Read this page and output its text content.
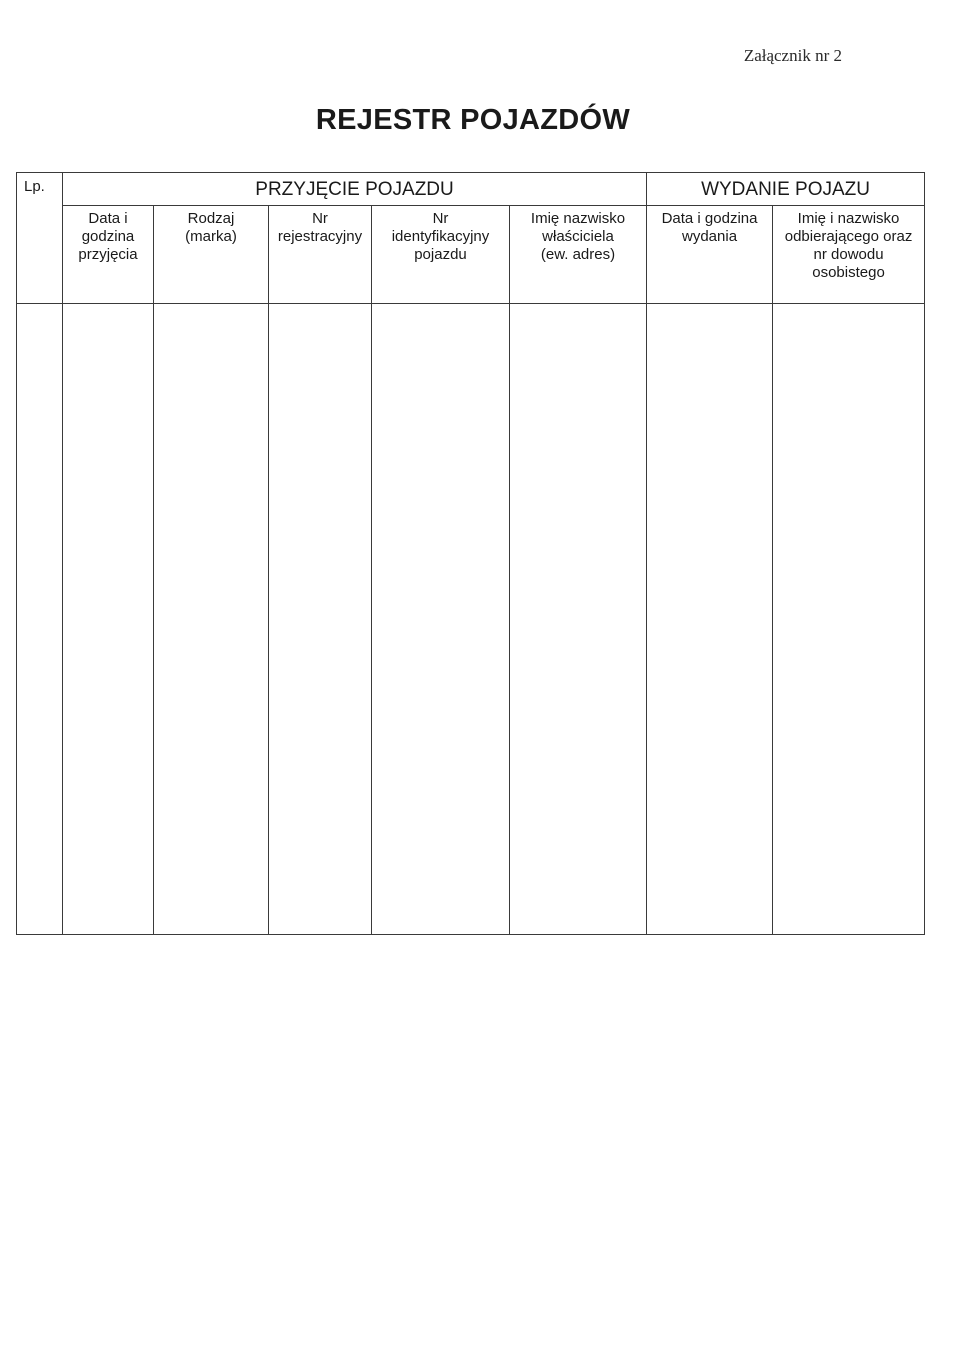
Załącznik nr 2
REJESTR POJAZDÓW
Lp.	PRZYJĘCIE POJAZDU					WYDANIE POJAZU	
	Data i
godzina
przyjęcia	Rodzaj
(marka)	Nr
rejestracyjny	Nr
identyfikacyjny
pojazdu	Imię nazwisko
właściciela
(ew. adres)	Data i godzina
wydania	Imię i nazwisko
odbierającego oraz
nr dowodu
osobistego
